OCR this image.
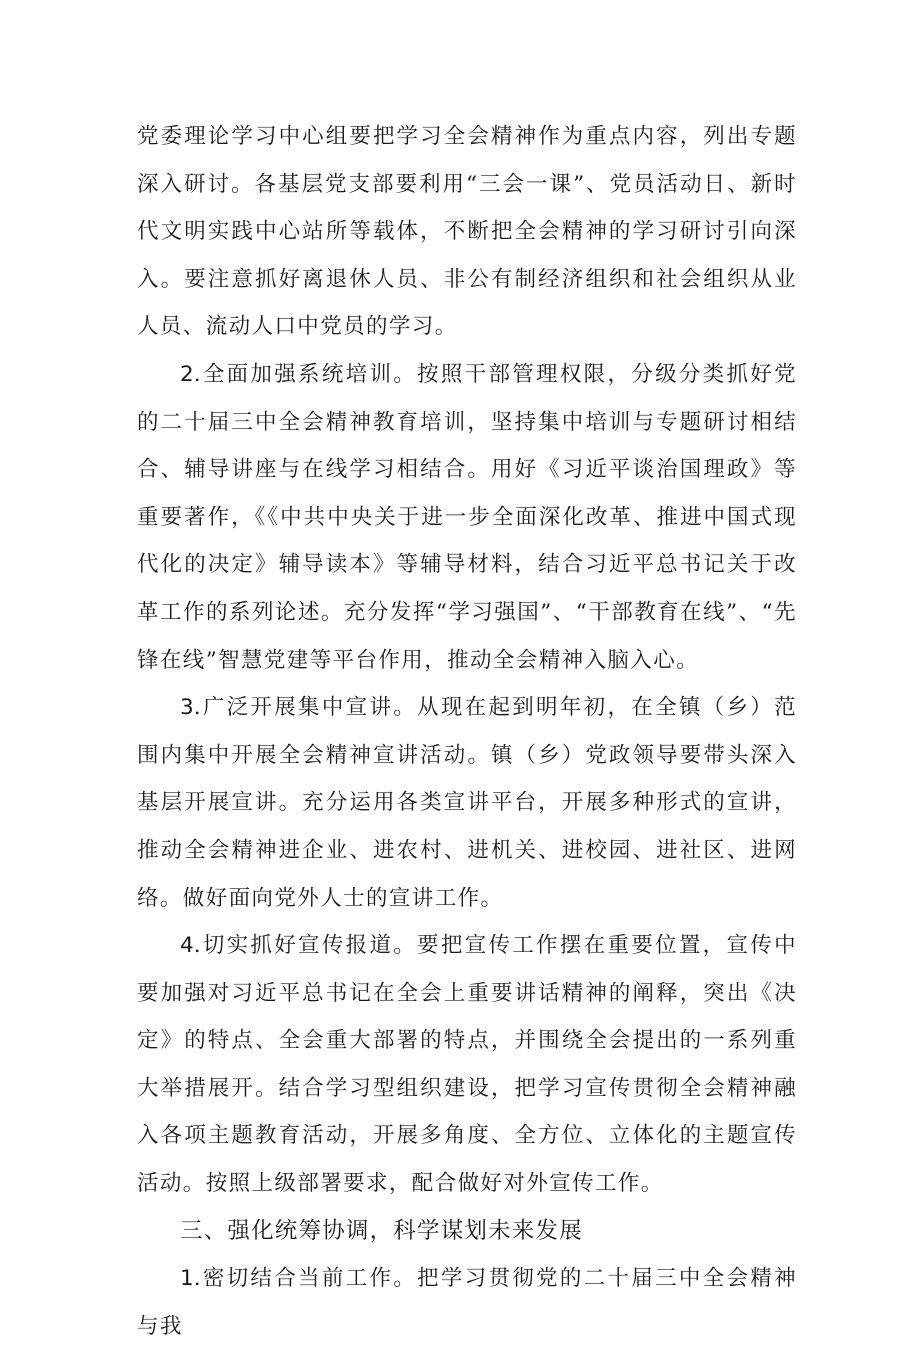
党委理论学习中心组要把学习全会精神作为重点内容，列出专题深入研讨。各基层党支部要利用“三会一课”、党员活动日、新时代文明实践中心站所等载体，不断把全会精神的学习研讨引向深入。要注意抓好离退休人员、非公有制经济组织和社会组织从业人员、流动人口中党员的学习。

2.全面加强系统培训。按照干部管理权限，分级分类抓好党的二十届三中全会精神教育培训，坚持集中培训与专题研讨相结合、辅导讲座与在线学习相结合。用好《习近平谈治国理政》等重要著作，《《中共中央关于进一步全面深化改革、推进中国式现代化的决定》辅导读本》等辅导材料，结合习近平总书记关于改革工作的系列论述。充分发挥“学习强国”、“干部教育在线”、“先锋在线”智慧党建等平台作用，推动全会精神入脑入心。

3.广泛开展集中宣讲。从现在起到明年初，在全镇（乡）范围内集中开展全会精神宣讲活动。镇（乡）党政领导要带头深入基层开展宣讲。充分运用各类宣讲平台，开展多种形式的宣讲，推动全会精神进企业、进农村、进机关、进校园、进社区、进网络。做好面向党外人士的宣讲工作。

4.切实抓好宣传报道。要把宣传工作摆在重要位置，宣传中要加强对习近平总书记在全会上重要讲话精神的阐释，突出《决定》的特点、全会重大部署的特点，并围绕全会提出的一系列重大举措展开。结合学习型组织建设，把学习宣传贯彻全会精神融入各项主题教育活动，开展多角度、全方位、立体化的主题宣传活动。按照上级部署要求，配合做好对外宣传工作。

三、强化统筹协调，科学谋划未来发展

1.密切结合当前工作。把学习贯彻党的二十届三中全会精神与我
